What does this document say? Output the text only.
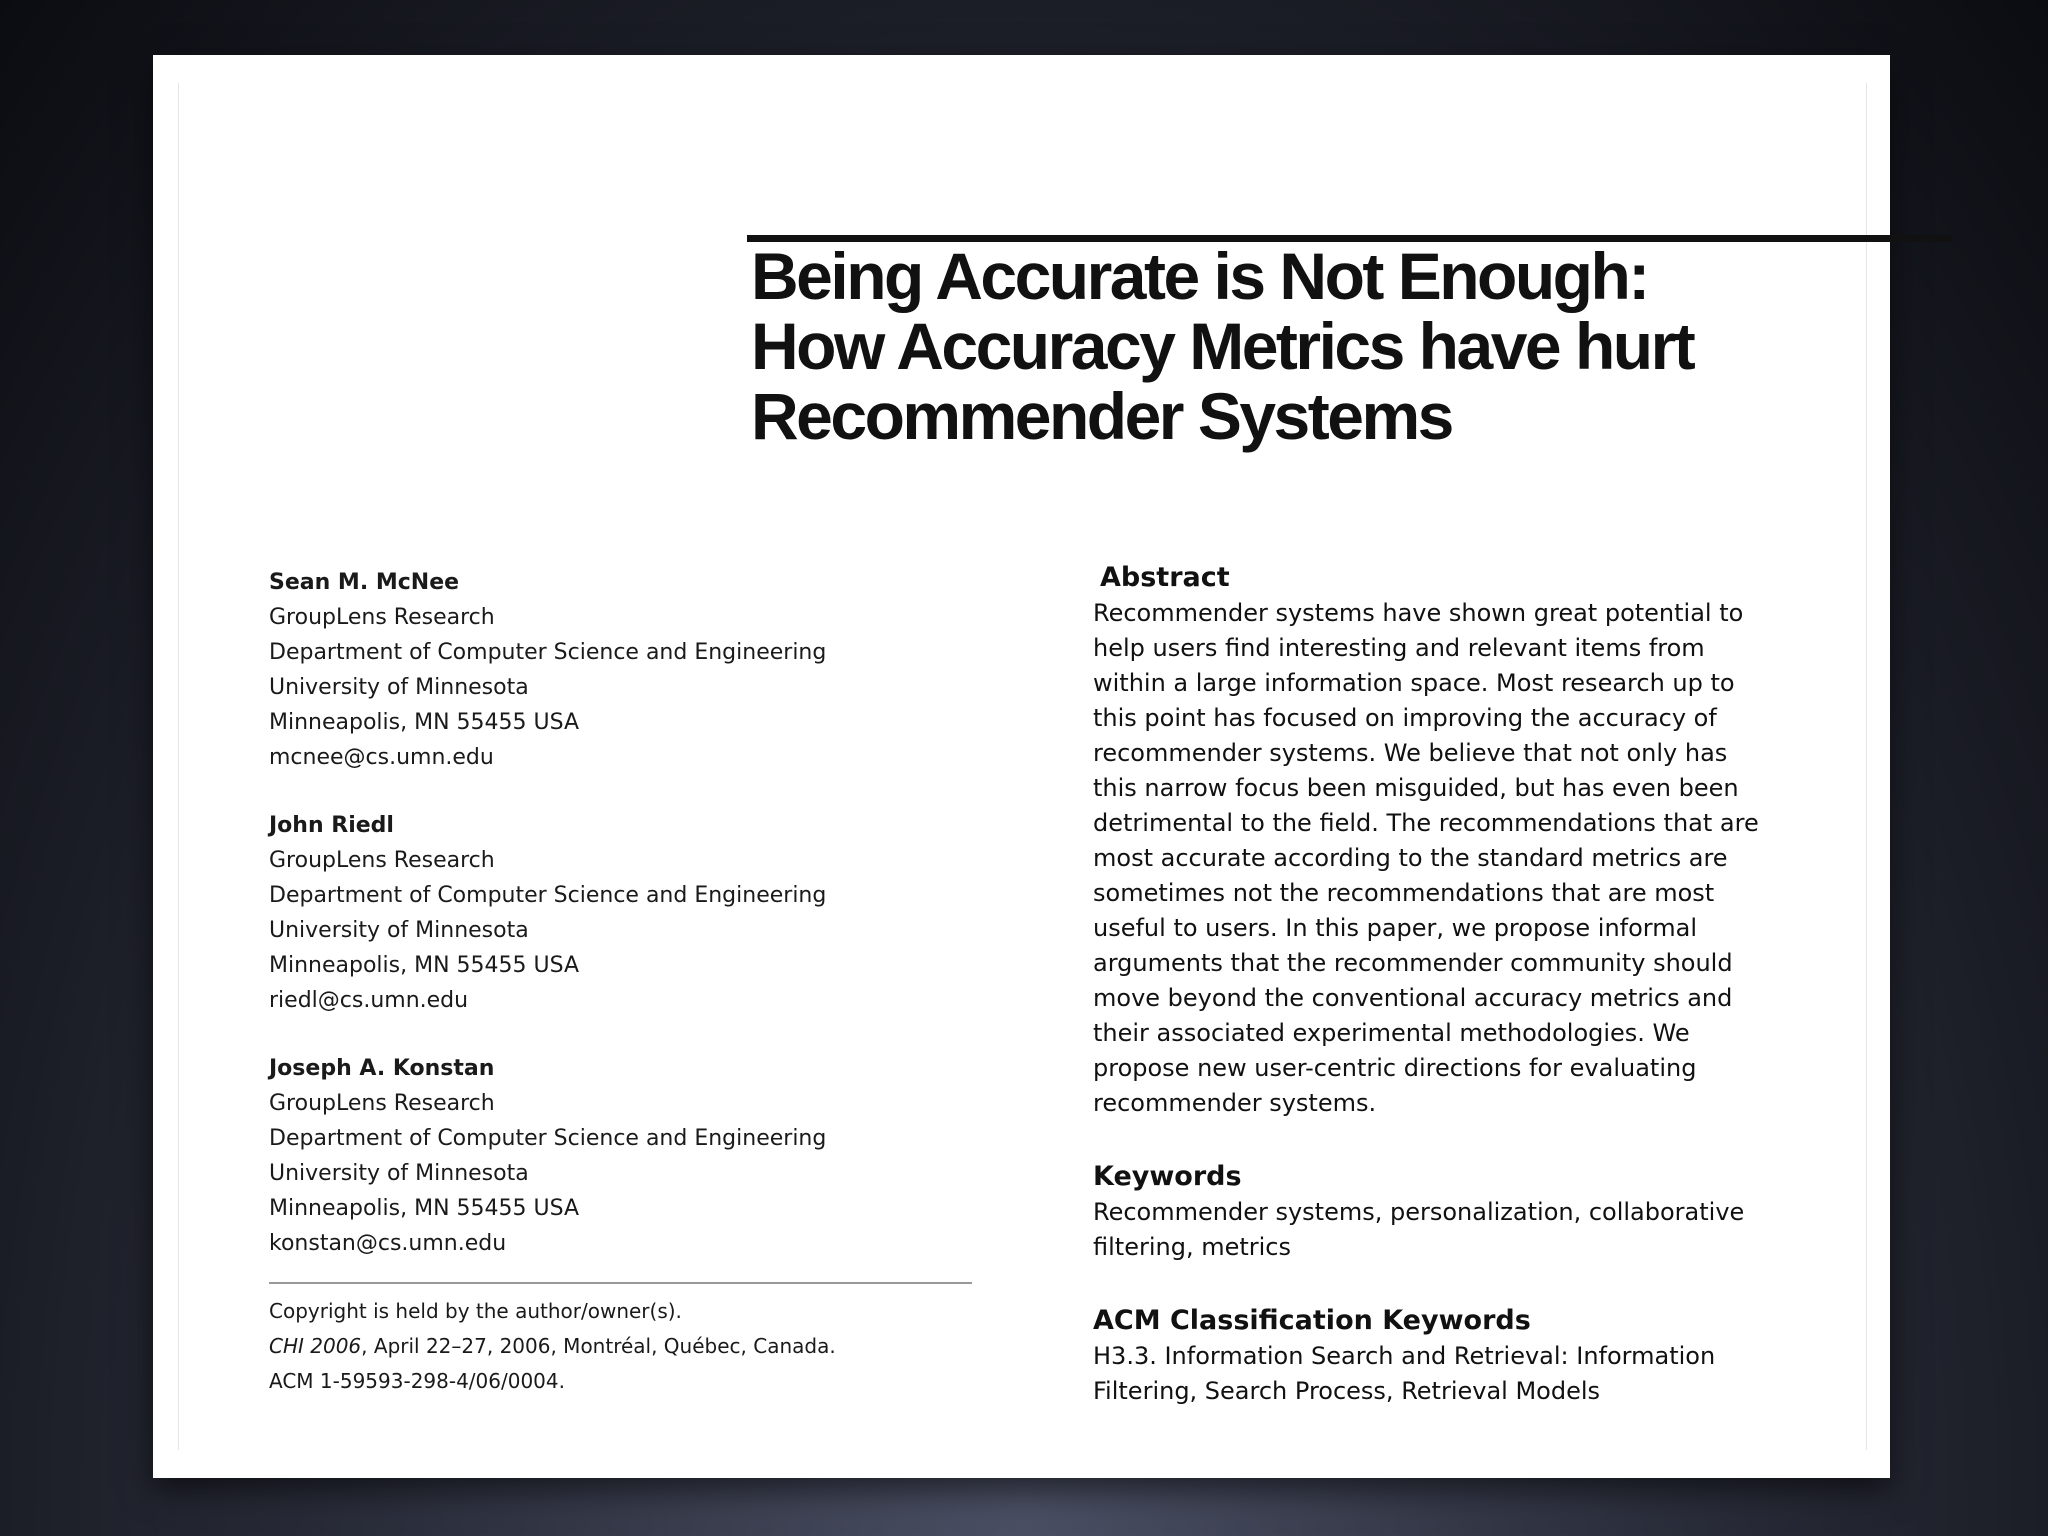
Being Accurate is Not Enough:
How Accuracy Metrics have hurt
Recommender Systems
Sean M. McNee
GroupLens Research
Department of Computer Science and Engineering
University of Minnesota
Minneapolis, MN 55455 USA
mcnee@cs.umn.edu
John Riedl
GroupLens Research
Department of Computer Science and Engineering
University of Minnesota
Minneapolis, MN 55455 USA
riedl@cs.umn.edu
Joseph A. Konstan
GroupLens Research
Department of Computer Science and Engineering
University of Minnesota
Minneapolis, MN 55455 USA
konstan@cs.umn.edu
Copyright is held by the author/owner(s).
CHI 2006, April 22–27, 2006, Montréal, Québec, Canada.
ACM 1-59593-298-4/06/0004.
Abstract
Recommender systems have shown great potential to
help users find interesting and relevant items from
within a large information space. Most research up to
this point has focused on improving the accuracy of
recommender systems. We believe that not only has
this narrow focus been misguided, but has even been
detrimental to the field. The recommendations that are
most accurate according to the standard metrics are
sometimes not the recommendations that are most
useful to users. In this paper, we propose informal
arguments that the recommender community should
move beyond the conventional accuracy metrics and
their associated experimental methodologies. We
propose new user-centric directions for evaluating
recommender systems.
Keywords
Recommender systems, personalization, collaborative
filtering, metrics
ACM Classification Keywords
H3.3. Information Search and Retrieval: Information
Filtering, Search Process, Retrieval Models
